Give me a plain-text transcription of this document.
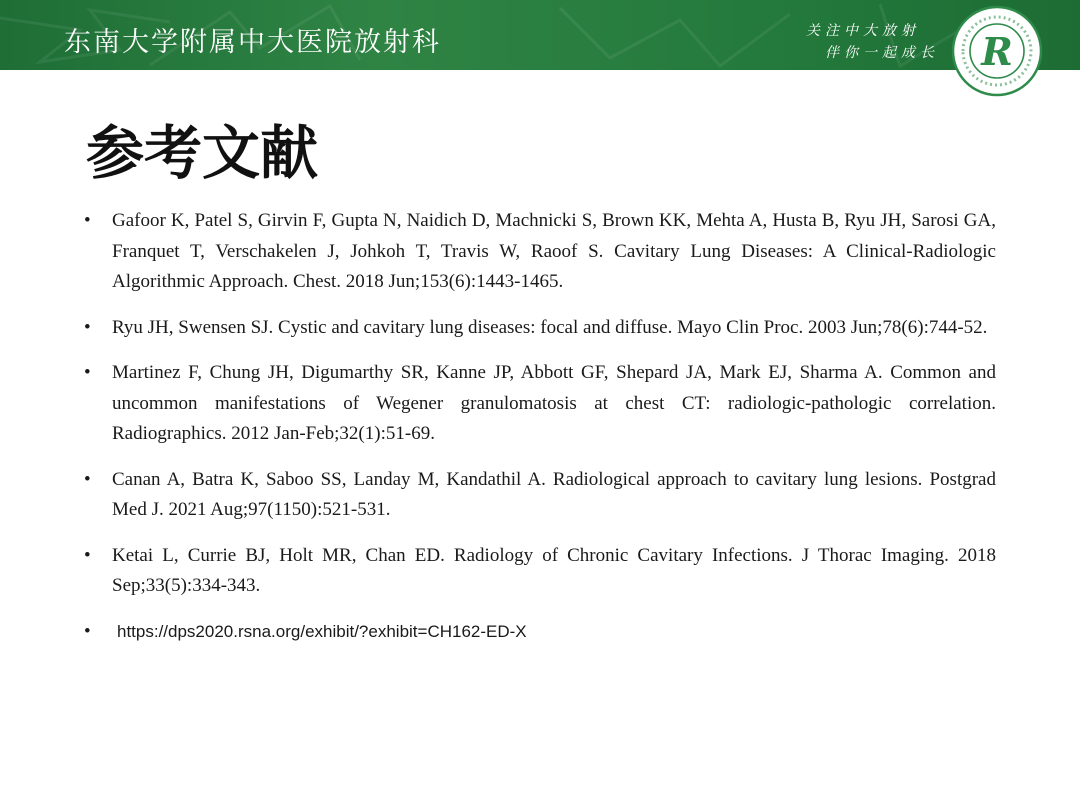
东南大学附属中大医院放射科	关注中大放射
伴你一起成长 R
参考文献
• Gafoor K, Patel S, Girvin F, Gupta N, Naidich D, Machnicki S, Brown KK, Mehta A, Husta B, Ryu JH, Sarosi GA, Franquet T, Verschakelen J, Johkoh T, Travis W, Raoof S. Cavitary Lung Diseases: A Clinical-Radiologic Algorithmic Approach. Chest. 2018 Jun;153(6):1443-1465.
• Ryu JH, Swensen SJ. Cystic and cavitary lung diseases: focal and diffuse. Mayo Clin Proc. 2003 Jun;78(6):744-52.
• Martinez F, Chung JH, Digumarthy SR, Kanne JP, Abbott GF, Shepard JA, Mark EJ, Sharma A. Common and uncommon manifestations of Wegener granulomatosis at chest CT: radiologic-pathologic correlation. Radiographics. 2012 Jan-Feb;32(1):51-69.
• Canan A, Batra K, Saboo SS, Landay M, Kandathil A. Radiological approach to cavitary lung lesions. Postgrad Med J. 2021 Aug;97(1150):521-531.
• Ketai L, Currie BJ, Holt MR, Chan ED. Radiology of Chronic Cavitary Infections. J Thorac Imaging. 2018 Sep;33(5):334-343.
• https://dps2020.rsna.org/exhibit/?exhibit=CH162-ED-X
